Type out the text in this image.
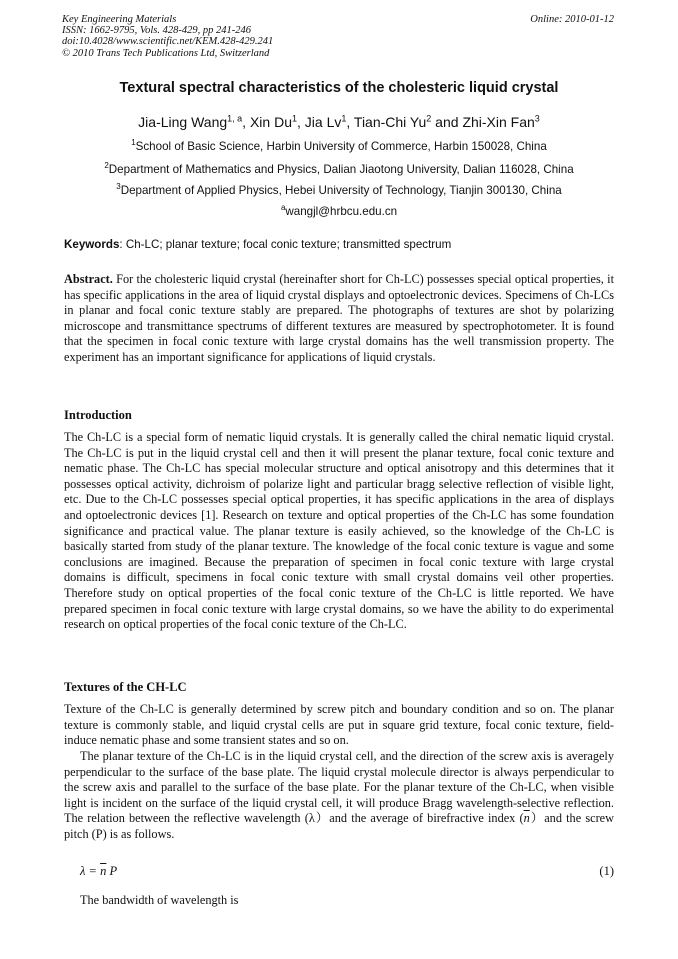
Key Engineering Materials
ISSN: 1662-9795, Vols. 428-429, pp 241-246
doi:10.4028/www.scientific.net/KEM.428-429.241
© 2010 Trans Tech Publications Ltd, Switzerland
Online: 2010-01-12
Textural spectral characteristics of the cholesteric liquid crystal
Jia-Ling Wang$^{1, a}$, Xin Du$^1$, Jia Lv$^1$, Tian-Chi Yu$^2$ and Zhi-Xin Fan$^3$
$^1$School of Basic Science, Harbin University of Commerce, Harbin 150028, China
$^2$Department of Mathematics and Physics, Dalian Jiaotong University, Dalian 116028, China
$^3$Department of Applied Physics, Hebei University of Technology, Tianjin 300130, China
$^a$wangjl@hrbcu.edu.cn
Keywords: Ch-LC; planar texture; focal conic texture; transmitted spectrum
Abstract. For the cholesteric liquid crystal (hereinafter short for Ch-LC) possesses special optical properties, it has specific applications in the area of liquid crystal displays and optoelectronic devices. Specimens of Ch-LCs in planar and focal conic texture stably are prepared. The photographs of textures are shot by polarizing microscope and transmittance spectrums of different textures are measured by spectrophotometer. It is found that the specimen in focal conic texture with large crystal domains has the well transmission property. The experiment has an important significance for applications of liquid crystals.
Introduction
The Ch-LC is a special form of nematic liquid crystals. It is generally called the chiral nematic liquid crystal. The Ch-LC is put in the liquid crystal cell and then it will present the planar texture, focal conic texture and nematic phase. The Ch-LC has special molecular structure and optical anisotropy and this determines that it possesses optical activity, dichroism of polarize light and particular bragg selective reflection of visible light, etc. Due to the Ch-LC possesses special optical properties, it has specific applications in the area of displays and optoelectronic devices [1]. Research on texture and optical properties of the Ch-LC has some foundation significance and practical value. The planar texture is easily achieved, so the knowledge of the Ch-LC is basically started from study of the planar texture. The knowledge of the focal conic texture is vague and some conclusions are imagined. Because the preparation of specimen in focal conic texture with large crystal domains is difficult, specimens in focal conic texture with small crystal domains veil other properties. Therefore study on optical properties of the focal conic texture of the Ch-LC is little reported. We have prepared specimen in focal conic texture with large crystal domains, so we have the ability to do experimental research on optical properties of the focal conic texture of the Ch-LC.
Textures of the CH-LC
Texture of the Ch-LC is generally determined by screw pitch and boundary condition and so on. The planar texture is commonly stable, and liquid crystal cells are put in square grid texture, focal conic texture, field-induce nematic phase and some transient states and so on.
The planar texture of the Ch-LC is in the liquid crystal cell, and the direction of the screw axis is averagely perpendicular to the surface of the base plate. The liquid crystal molecule director is always perpendicular to the screw axis and parallel to the surface of the base plate. For the planar texture of the Ch-LC, when visible light is incident on the surface of the liquid crystal cell, it will produce Bragg wavelength-selective reflection. The relation between the reflective wavelength (λ）and the average of birefractive index $(\overline{n})and$ the screw pitch (P) is as follows.
$\lambda = \overline{n}$ P	(1)
The bandwidth of wavelength is
